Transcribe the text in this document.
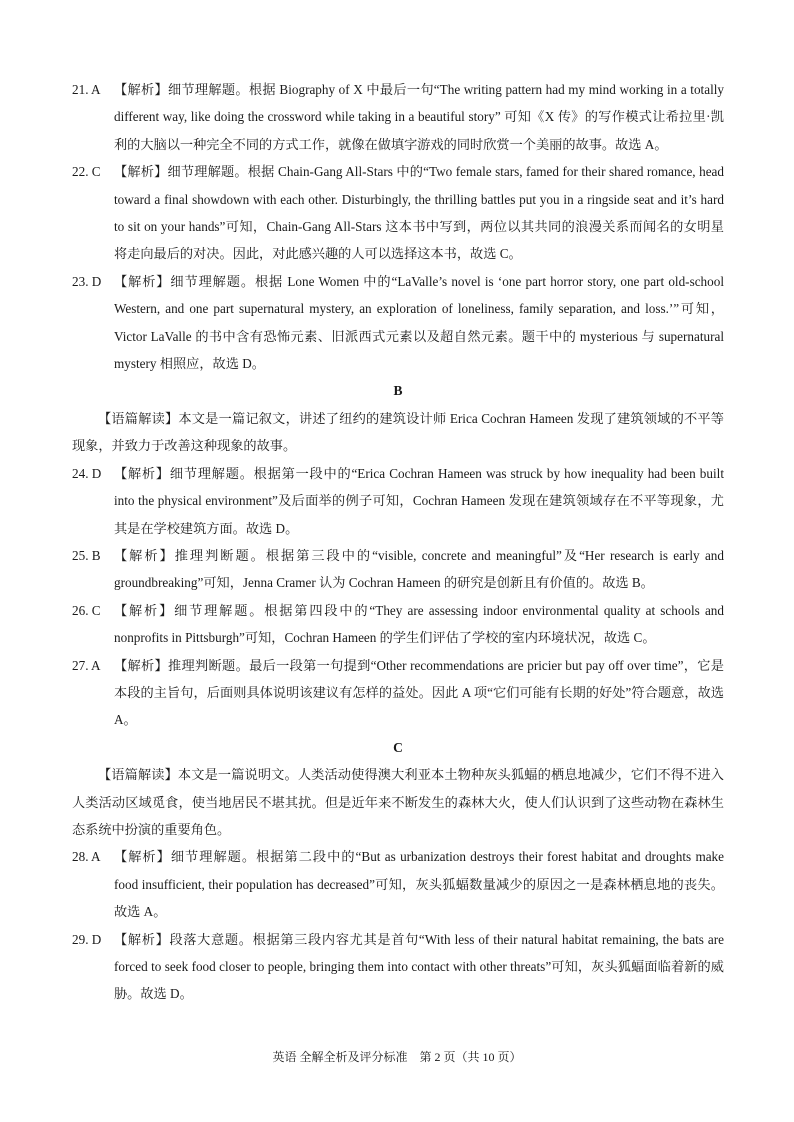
21. A 【解析】细节理解题。根据 Biography of X 中最后一句“The writing pattern had my mind working in a totally different way, like doing the crossword while taking in a beautiful story” 可知《X 传》的写作模式让希拉里·凯利的大脑以一种完全不同的方式工作，就像在做填字游戏的同时欣赏一个美丽的故事。故选 A。
22. C 【解析】细节理解题。根据 Chain-Gang All-Stars 中的“Two female stars, famed for their shared romance, head toward a final showdown with each other. Disturbingly, the thrilling battles put you in a ringside seat and it’s hard to sit on your hands”可知，Chain-Gang All-Stars 这本书中写到，两位以其共同的浪漫关系而闻名的女明星将走向最后的对决。因此，对此感兴趣的人可以选择这本书，故选 C。
23. D 【解析】细节理解题。根据 Lone Women 中的“LaValle’s novel is ‘one part horror story, one part old-school Western, and one part supernatural mystery, an exploration of loneliness, family separation, and loss.’”可知，Victor LaValle 的书中含有恐怖元素、旧派西式元素以及超自然元素。题干中的 mysterious 与 supernatural mystery 相照应，故选 D。
B
【语篇解读】本文是一篇记叙文，讲述了纽约的建筑设计师 Erica Cochran Hameen 发现了建筑领域的不平等现象，并致力于改善这种现象的故事。
24. D 【解析】细节理解题。根据第一段中的“Erica Cochran Hameen was struck by how inequality had been built into the physical environment”及后面举的例子可知，Cochran Hameen 发现在建筑领域存在不平等现象，尤其是在学校建筑方面。故选 D。
25. B 【解析】推理判断题。根据第三段中的“visible, concrete and meaningful”及“Her research is early and groundbreaking”可知，Jenna Cramer 认为 Cochran Hameen 的研究是创新且有价值的。故选 B。
26. C 【解析】细节理解题。根据第四段中的“They are assessing indoor environmental quality at schools and nonprofits in Pittsburgh”可知，Cochran Hameen 的学生们评估了学校的室内环境状况，故选 C。
27. A 【解析】推理判断题。最后一段第一句提到“Other recommendations are pricier but pay off over time”，它是本段的主旨句，后面则具体说明该建议有怎样的益处。因此 A 项“它们可能有长期的好处”符合题意，故选 A。
C
【语篇解读】本文是一篇说明文。人类活动使得澳大利亚本土物种灰头狐蝠的栖息地减少，它们不得不进入人类活动区域觅食，使当地居民不堪其扰。但是近年来不断发生的森林大火，使人们认识到了这些动物在森林生态系统中扮演的重要角色。
28. A 【解析】细节理解题。根据第二段中的“But as urbanization destroys their forest habitat and droughts make food insufficient, their population has decreased”可知，灰头狐蝠数量减少的原因之一是森林栖息地的丧失。故选 A。
29. D 【解析】段落大意题。根据第三段内容尤其是首句“With less of their natural habitat remaining, the bats are forced to seek food closer to people, bringing them into contact with other threats”可知，灰头狐蝠面临着新的威胁。故选 D。
英语 全解全析及评分标准　第 2 页（共 10 页）
